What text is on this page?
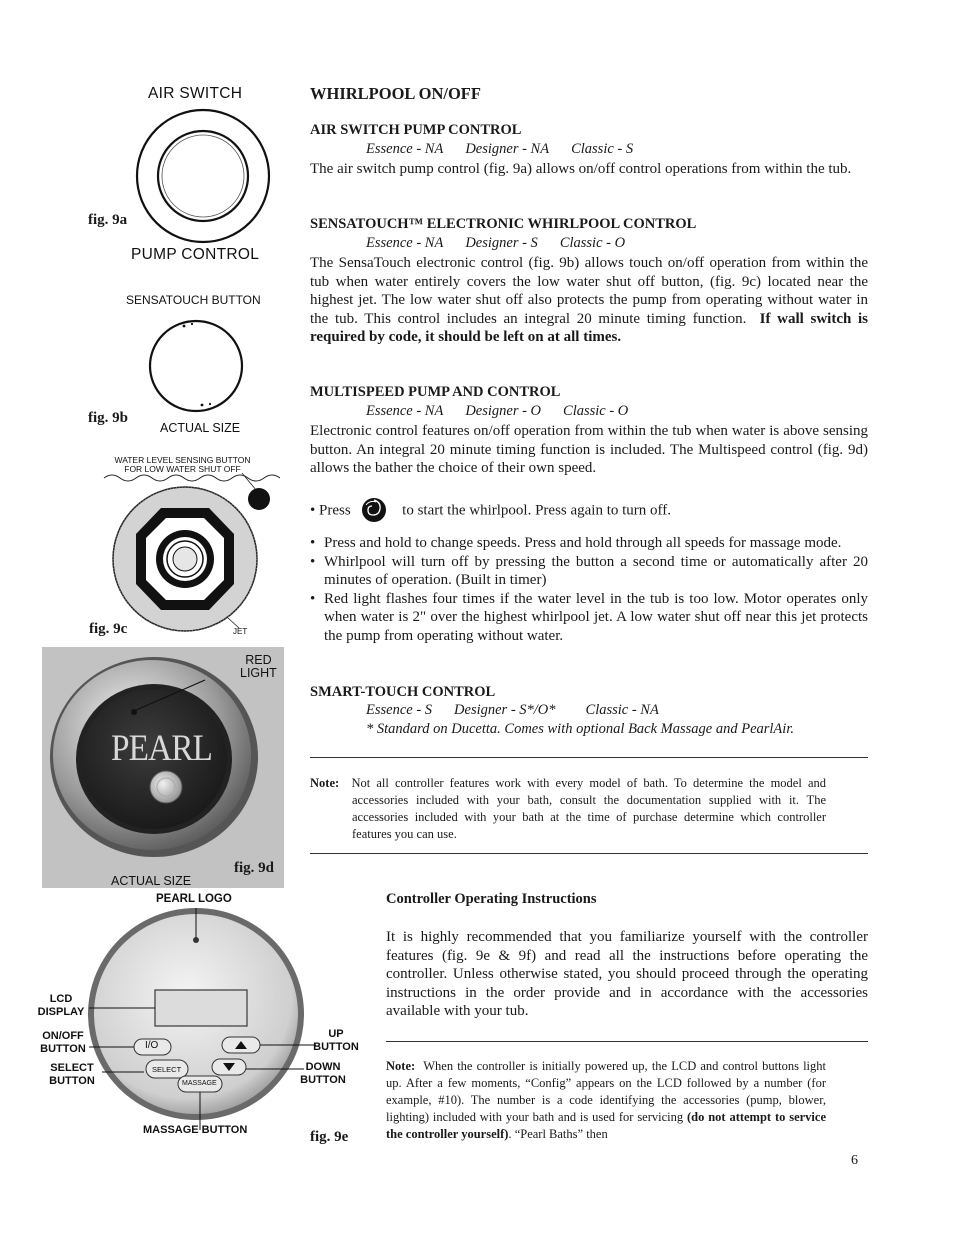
AIR SWITCH
fig. 9a
PUMP CONTROL
SENSATOUCH BUTTON
fig. 9b
ACTUAL SIZE
WATER LEVEL SENSING BUTTON
FOR LOW WATER SHUT OFF
fig. 9c	JET
PEARL
RED
LIGHT
ACTUAL SIZE
fig. 9d
PEARL LOGO
I/O
SELECT
MASSAGE
LCD
DISPLAY
ON/OFF
BUTTON
SELECT
BUTTON
UP
BUTTON
DOWN
BUTTON
MASSAGE BUTTON	fig. 9e
WHIRLPOOL ON/OFF
AIR SWITCH PUMP CONTROL
Essence - NA Designer - NA Classic - S
The air switch pump control (fig. 9a) allows on/off control operations from within the tub.
SENSATOUCH™ ELECTRONIC WHIRLPOOL CONTROL
Essence - NA Designer - S Classic - O
The SensaTouch electronic control (fig. 9b) allows touch on/off operation from within the tub when water entirely covers the low water shut off button, (fig. 9c) located near the highest jet. The low water shut off also protects the pump from operating without water in the tub. This control includes an integral 20 minute timing function. If wall switch is required by code, it should be left on at all times.
MULTISPEED PUMP AND CONTROL
Essence - NA Designer - O Classic - O
Electronic control features on/off operation from within the tub when water is above sensing button. An integral 20 minute timing function is included. The Multispeed control (fig. 9d) allows the bather the choice of their own speed.
• Press	to start the whirlpool. Press again to turn off.
• Press and hold to change speeds. Press and hold through all speeds for massage mode.
• Whirlpool will turn off by pressing the button a second time or automatically after 20 minutes of operation. (Built in timer)
• Red light flashes four times if the water level in the tub is too low. Motor operates only when water is 2" over the highest whirlpool jet. A low water shut off near this jet protects the pump from operating without water.
SMART-TOUCH CONTROL
Essence - S Designer - S*/O* Classic - NA
* Standard on Ducetta. Comes with optional Back Massage and PearlAir.
Note: Not all controller features work with every model of bath. To determine the model and accessories included with your bath, consult the documentation supplied with it. The accessories included with your bath at the time of purchase determine which controller features you can use.
Controller Operating Instructions
It is highly recommended that you familiarize yourself with the controller features (fig. 9e & 9f) and read all the instructions before operating the controller. Unless otherwise stated, you should proceed through the operating instructions in the order provide and in accordance with the accessories available with your tub.
Note: When the controller is initially powered up, the LCD and control buttons light up. After a few moments, “Config” appears on the LCD followed by a number (for example, #10). The number is a code identifying the accessories (pump, blower, lighting) included with your bath and is used for servicing (do not attempt to service the controller yourself). “Pearl Baths” then
6
